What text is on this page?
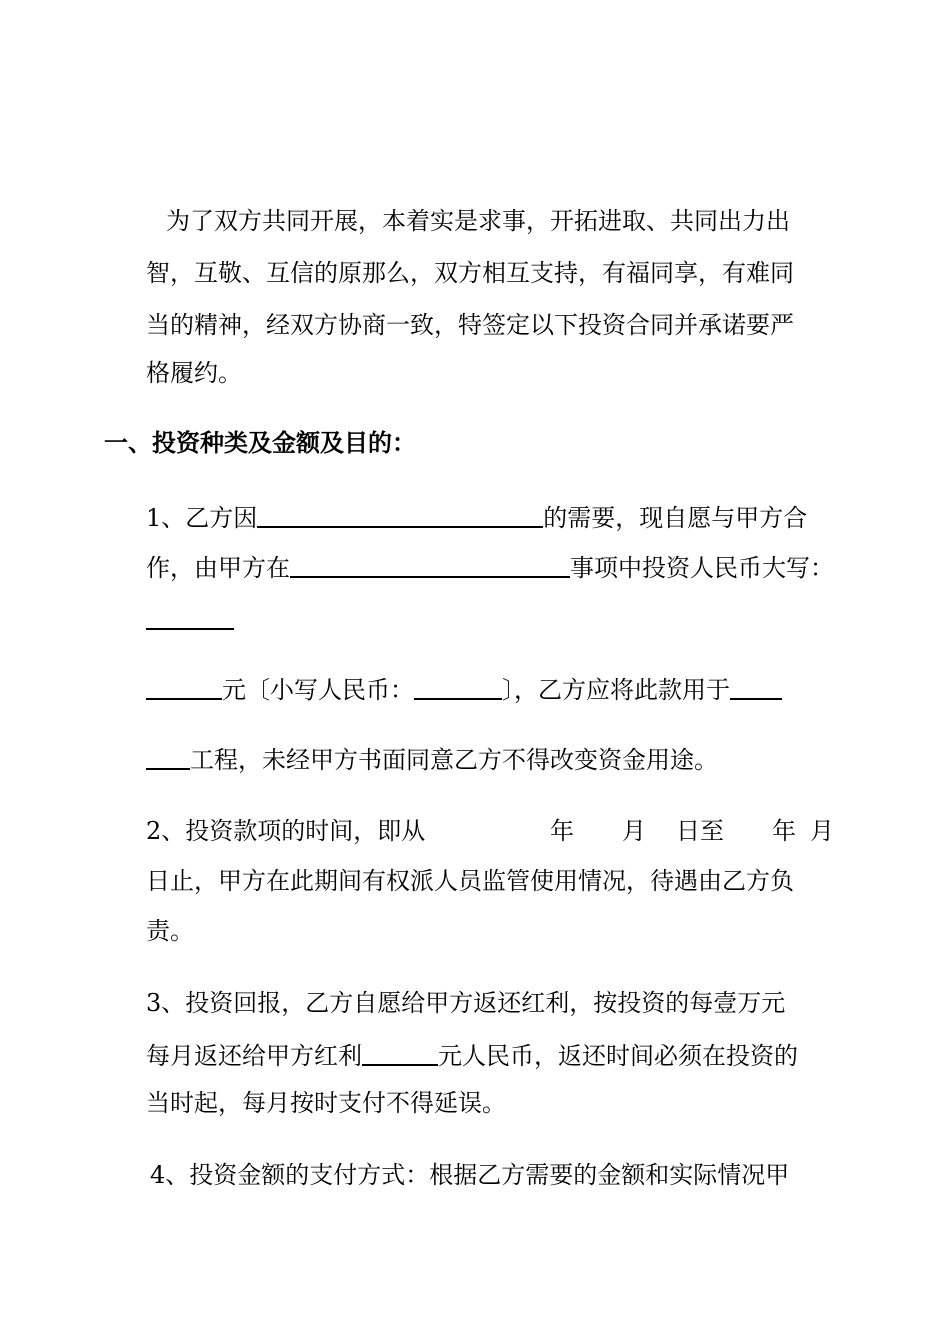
为了双方共同开展，本着实是求事，开拓进取、共同出力出
智，互敬、互信的原那么，双方相互支持，有福同享，有难同
当的精神，经双方协商一致，特签定以下投资合同并承诺要严
格履约。
一、投资种类及金额及目的：
1、乙方因	的需要，现自愿与甲方合
作，由甲方在	事项中投资人民币大写：
元〔小写人民币：	〕，乙方应将此款用于
工程，未经甲方书面同意乙方不得改变资金用途。
2、投资款项的时间，即从	年 月 日至 年 月
日止，甲方在此期间有权派人员监管使用情况，待遇由乙方负
责。
3、投资回报，乙方自愿给甲方返还红利，按投资的每壹万元
每月返还给甲方红利	元人民币，返还时间必须在投资的
当时起，每月按时支付不得延误。
4、投资金额的支付方式：根据乙方需要的金额和实际情况甲
